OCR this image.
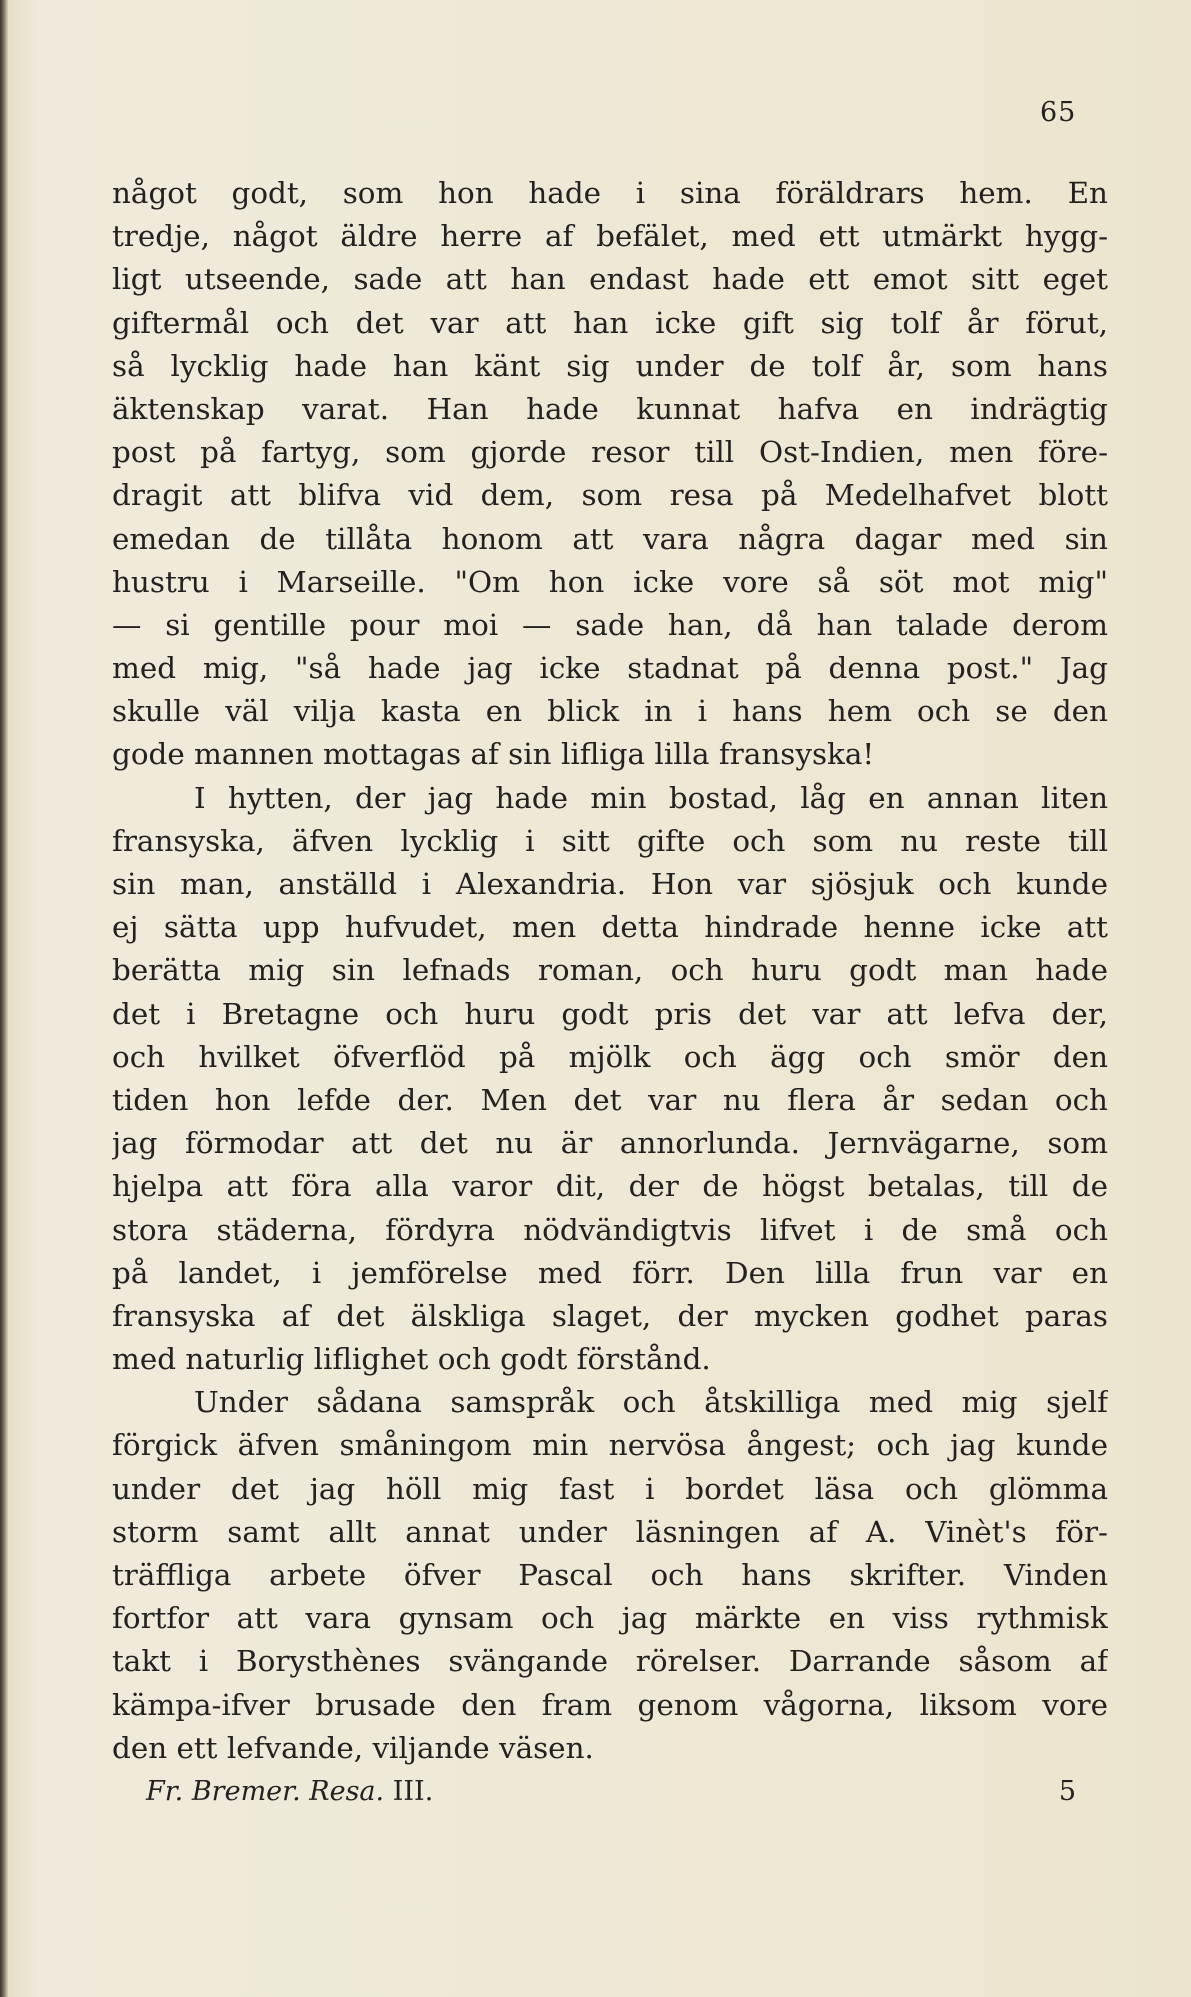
65
något godt, som hon hade i sina föräldrars hem. En
tredje, något äldre herre af befälet, med ett utmärkt hygg-
ligt utseende, sade att han endast hade ett emot sitt eget
giftermål och det var att han icke gift sig tolf år förut,
så lycklig hade han känt sig under de tolf år, som hans
äktenskap varat. Han hade kunnat hafva en indrägtig
post på fartyg, som gjorde resor till Ost-Indien, men före-
dragit att blifva vid dem, som resa på Medelhafvet blott
emedan de tillåta honom att vara några dagar med sin
hustru i Marseille. "Om hon icke vore så söt mot mig"
— si gentille pour moi — sade han, då han talade derom
med mig, "så hade jag icke stadnat på denna post." Jag
skulle väl vilja kasta en blick in i hans hem och se den
gode mannen mottagas af sin lifliga lilla fransyska!
I hytten, der jag hade min bostad, låg en annan liten
fransyska, äfven lycklig i sitt gifte och som nu reste till
sin man, anställd i Alexandria. Hon var sjösjuk och kunde
ej sätta upp hufvudet, men detta hindrade henne icke att
berätta mig sin lefnads roman, och huru godt man hade
det i Bretagne och huru godt pris det var att lefva der,
och hvilket öfverflöd på mjölk och ägg och smör den
tiden hon lefde der. Men det var nu flera år sedan och
jag förmodar att det nu är annorlunda. Jernvägarne, som
hjelpa att föra alla varor dit, der de högst betalas, till de
stora städerna, fördyra nödvändigtvis lifvet i de små och
på landet, i jemförelse med förr. Den lilla frun var en
fransyska af det älskliga slaget, der mycken godhet paras
med naturlig liflighet och godt förstånd.
Under sådana samspråk och åtskilliga med mig sjelf
förgick äfven småningom min nervösa ångest; och jag kunde
under det jag höll mig fast i bordet läsa och glömma
storm samt allt annat under läsningen af A. Vinèt's för-
träffliga arbete öfver Pascal och hans skrifter. Vinden
fortfor att vara gynsam och jag märkte en viss rythmisk
takt i Borysthènes svängande rörelser. Darrande såsom af
kämpa-ifver brusade den fram genom vågorna, liksom vore
den ett lefvande, viljande väsen.
Fr. Bremer. Resa. III.	5
